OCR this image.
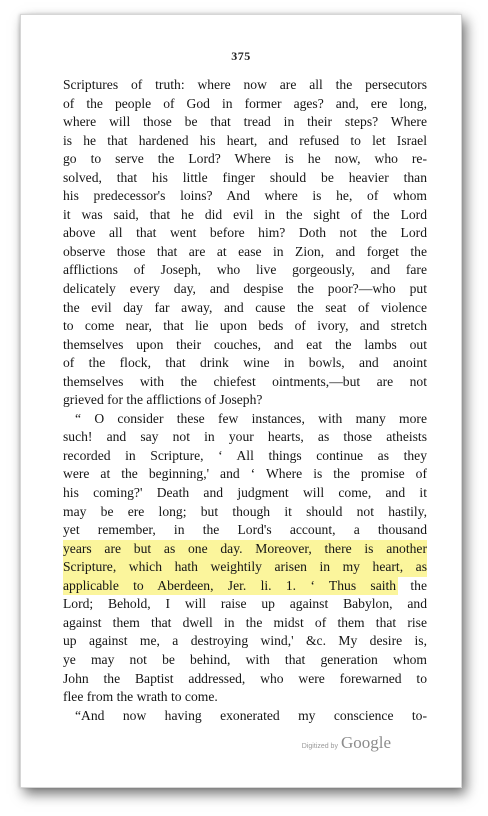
375
Scriptures of truth: where now are all the persecutors
of the people of God in former ages? and, ere long,
where will those be that tread in their steps? Where
is he that hardened his heart, and refused to let Israel
go to serve the Lord? Where is he now, who re-
solved, that his little finger should be heavier than
his predecessor's loins? And where is he, of whom
it was said, that he did evil in the sight of the Lord
above all that went before him? Doth not the Lord
observe those that are at ease in Zion, and forget the
afflictions of Joseph, who live gorgeously, and fare
delicately every day, and despise the poor?—who put
the evil day far away, and cause the seat of violence
to come near, that lie upon beds of ivory, and stretch
themselves upon their couches, and eat the lambs out
of the flock, that drink wine in bowls, and anoint
themselves with the chiefest ointments,—but are not
grieved for the afflictions of Joseph?
“ O consider these few instances, with many more
such! and say not in your hearts, as those atheists
recorded in Scripture, ‘ All things continue as they
were at the beginning,' and ‘ Where is the promise of
his coming?' Death and judgment will come, and it
may be ere long; but though it should not hastily,
yet remember, in the Lord's account, a thousand
years are but as one day. Moreover, there is another
Scripture, which hath weightily arisen in my heart, as
applicable to Aberdeen, Jer. li. 1. ‘ Thus saith the
Lord; Behold, I will raise up against Babylon, and
against them that dwell in the midst of them that rise
up against me, a destroying wind,' &c. My desire is,
ye may not be behind, with that generation whom
John the Baptist addressed, who were forewarned to
flee from the wrath to come.
“And now having exonerated my conscience to-
Digitized by Google
